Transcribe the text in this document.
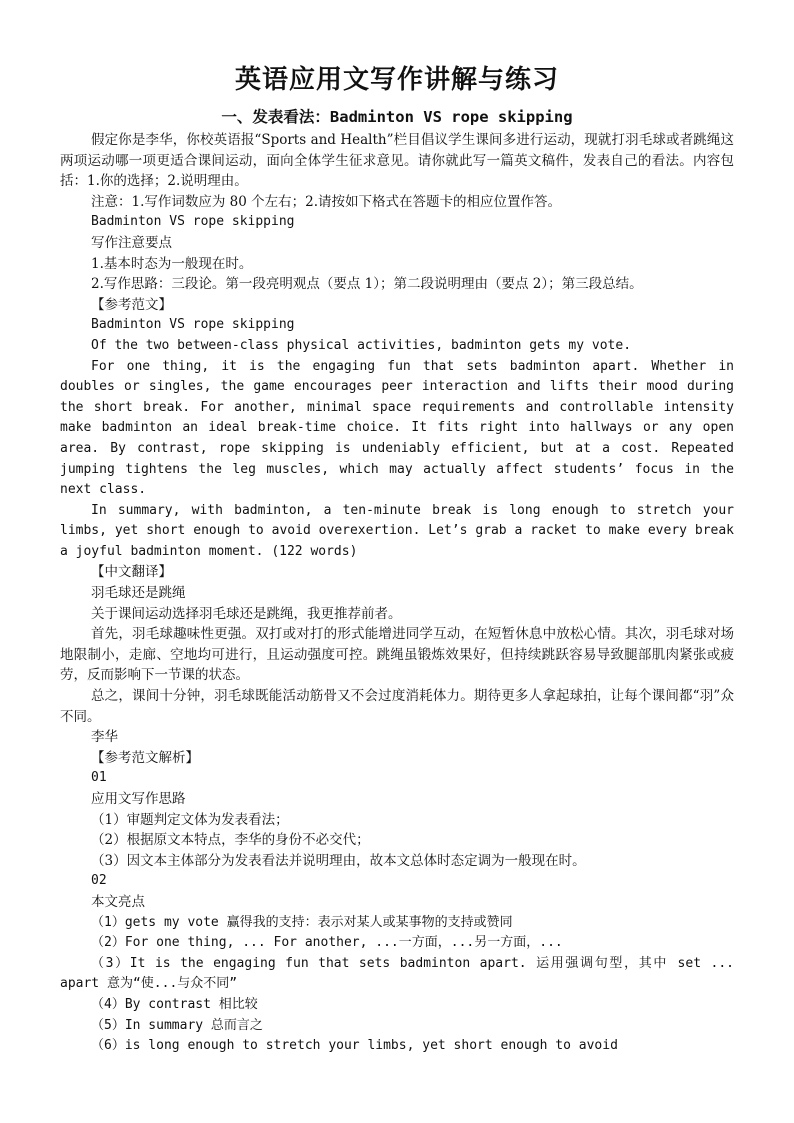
英语应用文写作讲解与练习
一、发表看法：Badminton VS rope skipping

假定你是李华，你校英语报“Sports and Health”栏目倡议学生课间多进行运动，现就打羽毛球或者跳绳这两项运动哪一项更适合课间运动，面向全体学生征求意见。请你就此写一篇英文稿件，发表自己的看法。内容包括：1.你的选择；2.说明理由。

注意：1.写作词数应为 80 个左右；2.请按如下格式在答题卡的相应位置作答。

Badminton VS rope skipping

写作注意要点

1.基本时态为一般现在时。

2.写作思路：三段论。第一段亮明观点（要点 1）；第二段说明理由（要点 2）；第三段总结。

【参考范文】

Badminton VS rope skipping

Of the two between-class physical activities, badminton gets my vote.

For one thing, it is the engaging fun that sets badminton apart. Whether in doubles or singles, the game encourages peer interaction and lifts their mood during the short break. For another, minimal space requirements and controllable intensity make badminton an ideal break-time choice. It fits right into hallways or any open area. By contrast, rope skipping is undeniably efficient, but at a cost. Repeated jumping tightens the leg muscles, which may actually affect students’ focus in the next class.

In summary, with badminton, a ten-minute break is long enough to stretch your limbs, yet short enough to avoid overexertion. Let’s grab a racket to make every break a joyful badminton moment. (122 words)

【中文翻译】

羽毛球还是跳绳

关于课间运动选择羽毛球还是跳绳，我更推荐前者。

首先，羽毛球趣味性更强。双打或对打的形式能增进同学互动，在短暂休息中放松心情。其次，羽毛球对场地限制小，走廊、空地均可进行，且运动强度可控。跳绳虽锻炼效果好，但持续跳跃容易导致腿部肌肉紧张或疲劳，反而影响下一节课的状态。

总之，课间十分钟，羽毛球既能活动筋骨又不会过度消耗体力。期待更多人拿起球拍，让每个课间都“羽”众不同。

李华

【参考范文解析】

01

应用文写作思路

（1）审题判定文体为发表看法；

（2）根据原文本特点，李华的身份不必交代；

（3）因文本主体部分为发表看法并说明理由，故本文总体时态定调为一般现在时。

02

本文亮点

（1）gets my vote 赢得我的支持：表示对某人或某事物的支持或赞同

（2）For one thing, ... For another, ...一方面，...另一方面，...

（3）It is the engaging fun that sets badminton apart. 运用强调句型，其中 set ... apart 意为“使...与众不同”

（4）By contrast 相比较

（5）In summary 总而言之

（6）is long enough to stretch your limbs, yet short enough to avoid
